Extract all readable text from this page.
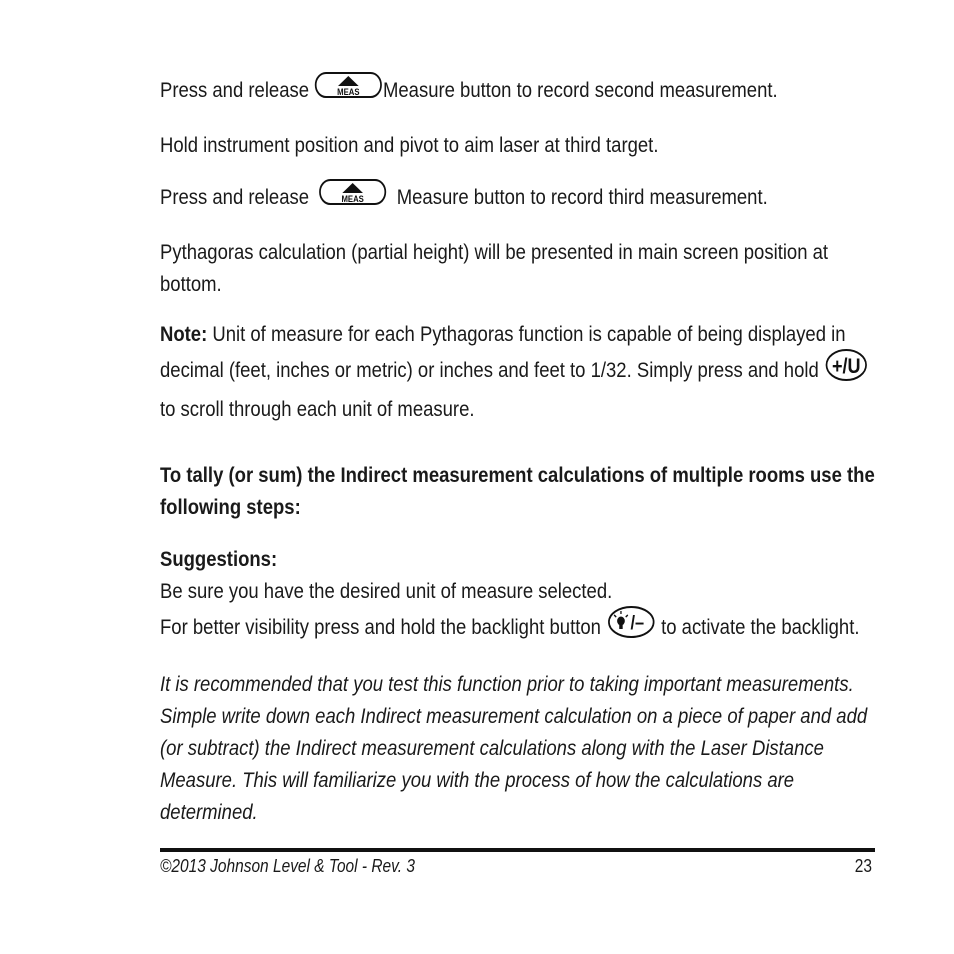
Press and release	MEAS Measure button to record second measurement.

Hold instrument position and pivot to aim laser at third target.

Press and release	MEAS Measure button to record third measurement.

Pythagoras calculation (partial height) will be presented in main screen position at bottom.

Note: Unit of measure for each Pythagoras function is capable of being displayed in decimal (feet, inches or metric) or inches and feet to 1/32. Simply press and hold +/U
to scroll through each unit of measure.

To tally (or sum) the Indirect measurement calculations of multiple rooms use the following steps:

Suggestions:

Be sure you have the desired unit of measure selected.

For better visibility press and hold the backlight button /– to activate the backlight.

It is recommended that you test this function prior to taking important measurements. Simple write down each Indirect measurement calculation on a piece of paper and add (or subtract) the Indirect measurement calculations along with the Laser Distance Measure. This will familiarize you with the process of how the calculations are determined.

©2013 Johnson Level & Tool - Rev. 3	23
